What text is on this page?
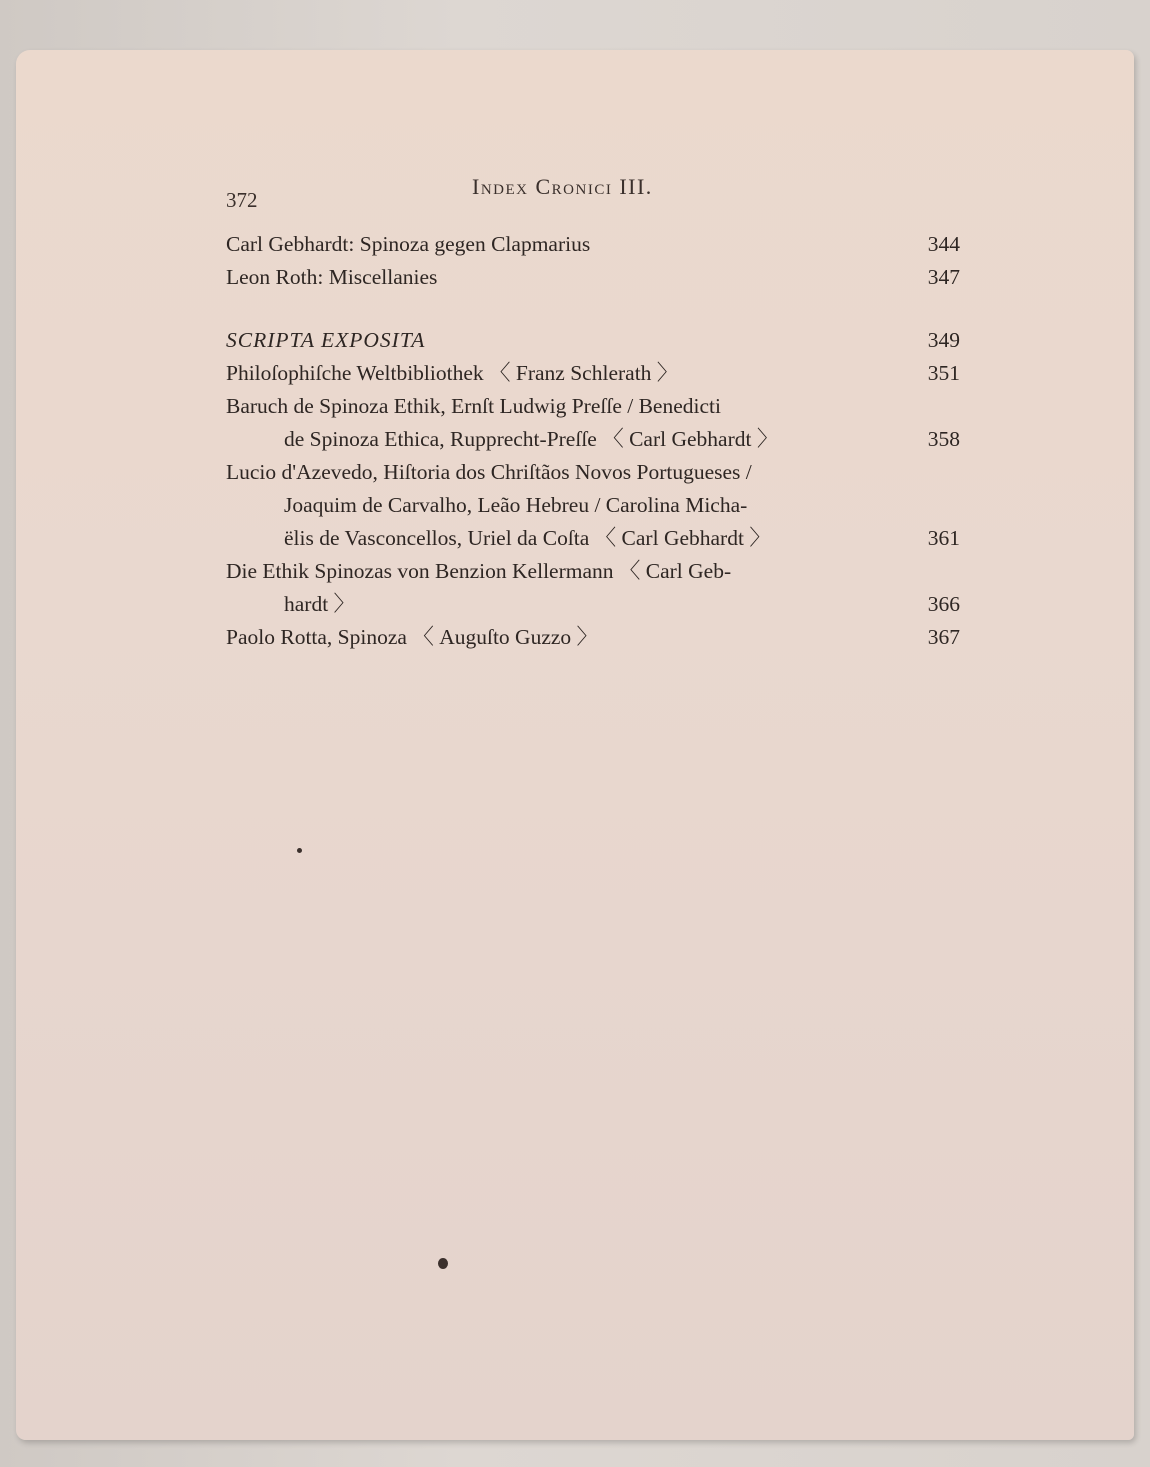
372
Index Cronici III.
Carl Gebhardt: Spinoza gegen Clapmarius	344
Leon Roth: Miscellanies	347
SCRIPTA EXPOSITA	349
Philoſophiſche Weltbibliothek 〈 Franz Schlerath 〉	351
Baruch de Spinoza Ethik, Ernſt Ludwig Preſſe / Benedicti
de Spinoza Ethica, Rupprecht-Preſſe 〈 Carl Gebhardt 〉	358
Lucio d'Azevedo, Hiſtoria dos Chriſtãos Novos Portugueses /
Joaquim de Carvalho, Leão Hebreu / Carolina Micha-
ëlis de Vasconcellos, Uriel da Coſta 〈 Carl Gebhardt 〉	361
Die Ethik Spinozas von Benzion Kellermann 〈 Carl Geb-
hardt 〉	366
Paolo Rotta, Spinoza 〈 Auguſto Guzzo 〉	367
